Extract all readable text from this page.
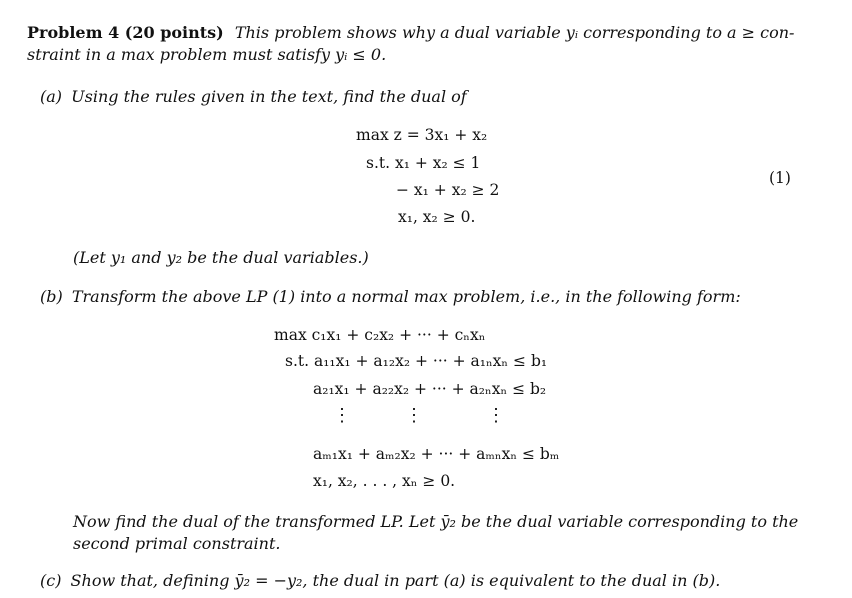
Problem 4 (20 points) This problem shows why a dual variable yᵢ corresponding to a ≥ con-
straint in a max problem must satisfy yᵢ ≤ 0.
(a) Using the rules given in the text, find the dual of
max z = 3x₁ + x₂
s.t. x₁ + x₂ ≤ 1
− x₁ + x₂ ≥ 2
x₁, x₂ ≥ 0.
(1)
(Let y₁ and y₂ be the dual variables.)
(b) Transform the above LP (1) into a normal max problem, i.e., in the following form:
max c₁x₁ + c₂x₂ + ··· + cₙxₙ
s.t. a₁₁x₁ + a₁₂x₂ + ··· + a₁ₙxₙ ≤ b₁
a₂₁x₁ + a₂₂x₂ + ··· + a₂ₙxₙ ≤ b₂
⋮	⋮	⋮
aₘ₁x₁ + aₘ₂x₂ + ··· + aₘₙxₙ ≤ bₘ
x₁, x₂, . . . , xₙ ≥ 0.
Now find the dual of the transformed LP. Let ȳ₂ be the dual variable corresponding to the
second primal constraint.
(c) Show that, defining ȳ₂ = −y₂, the dual in part (a) is equivalent to the dual in (b).
